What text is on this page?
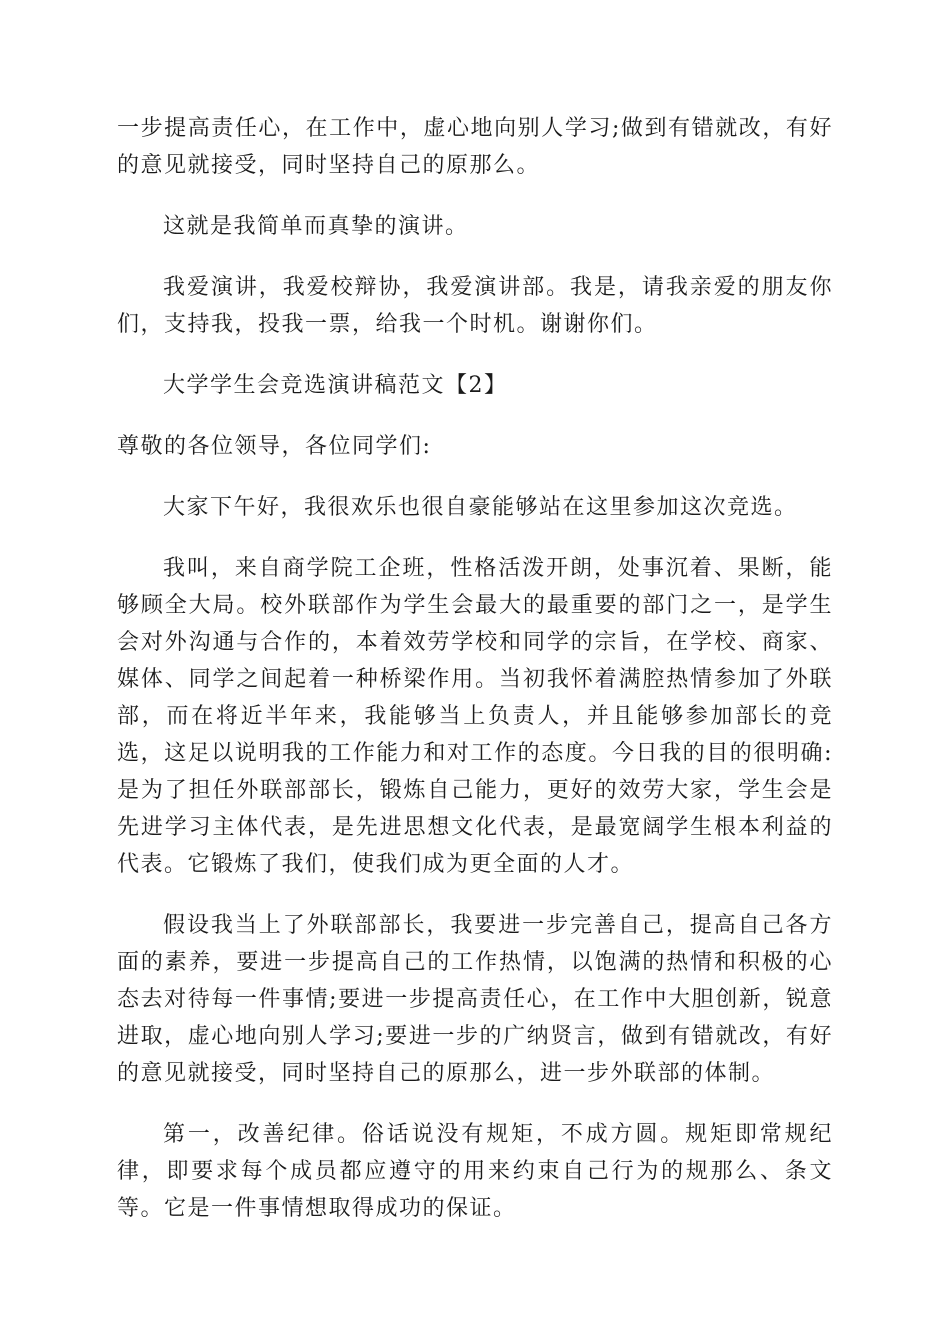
一步提高责任心，在工作中，虚心地向别人学习;做到有错就改，有好的意见就接受，同时坚持自己的原那么。

这就是我简单而真挚的演讲。

我爱演讲，我爱校辩协，我爱演讲部。我是，请我亲爱的朋友你们，支持我，投我一票，给我一个时机。谢谢你们。

大学学生会竞选演讲稿范文【2】

尊敬的各位领导，各位同学们:

大家下午好，我很欢乐也很自豪能够站在这里参加这次竞选。

我叫，来自商学院工企班，性格活泼开朗，处事沉着、果断，能够顾全大局。校外联部作为学生会最大的最重要的部门之一，是学生会对外沟通与合作的，本着效劳学校和同学的宗旨，在学校、商家、媒体、同学之间起着一种桥梁作用。当初我怀着满腔热情参加了外联部，而在将近半年来，我能够当上负责人，并且能够参加部长的竞选，这足以说明我的工作能力和对工作的态度。今日我的目的很明确:是为了担任外联部部长，锻炼自己能力，更好的效劳大家，学生会是先进学习主体代表，是先进思想文化代表，是最宽阔学生根本利益的代表。它锻炼了我们，使我们成为更全面的人才。

假设我当上了外联部部长，我要进一步完善自己，提高自己各方面的素养，要进一步提高自己的工作热情，以饱满的热情和积极的心态去对待每一件事情;要进一步提高责任心，在工作中大胆创新，锐意进取，虚心地向别人学习;要进一步的广纳贤言，做到有错就改，有好的意见就接受，同时坚持自己的原那么，进一步外联部的体制。

第一，改善纪律。俗话说没有规矩，不成方圆。规矩即常规纪律，即要求每个成员都应遵守的用来约束自己行为的规那么、条文等。它是一件事情想取得成功的保证。
